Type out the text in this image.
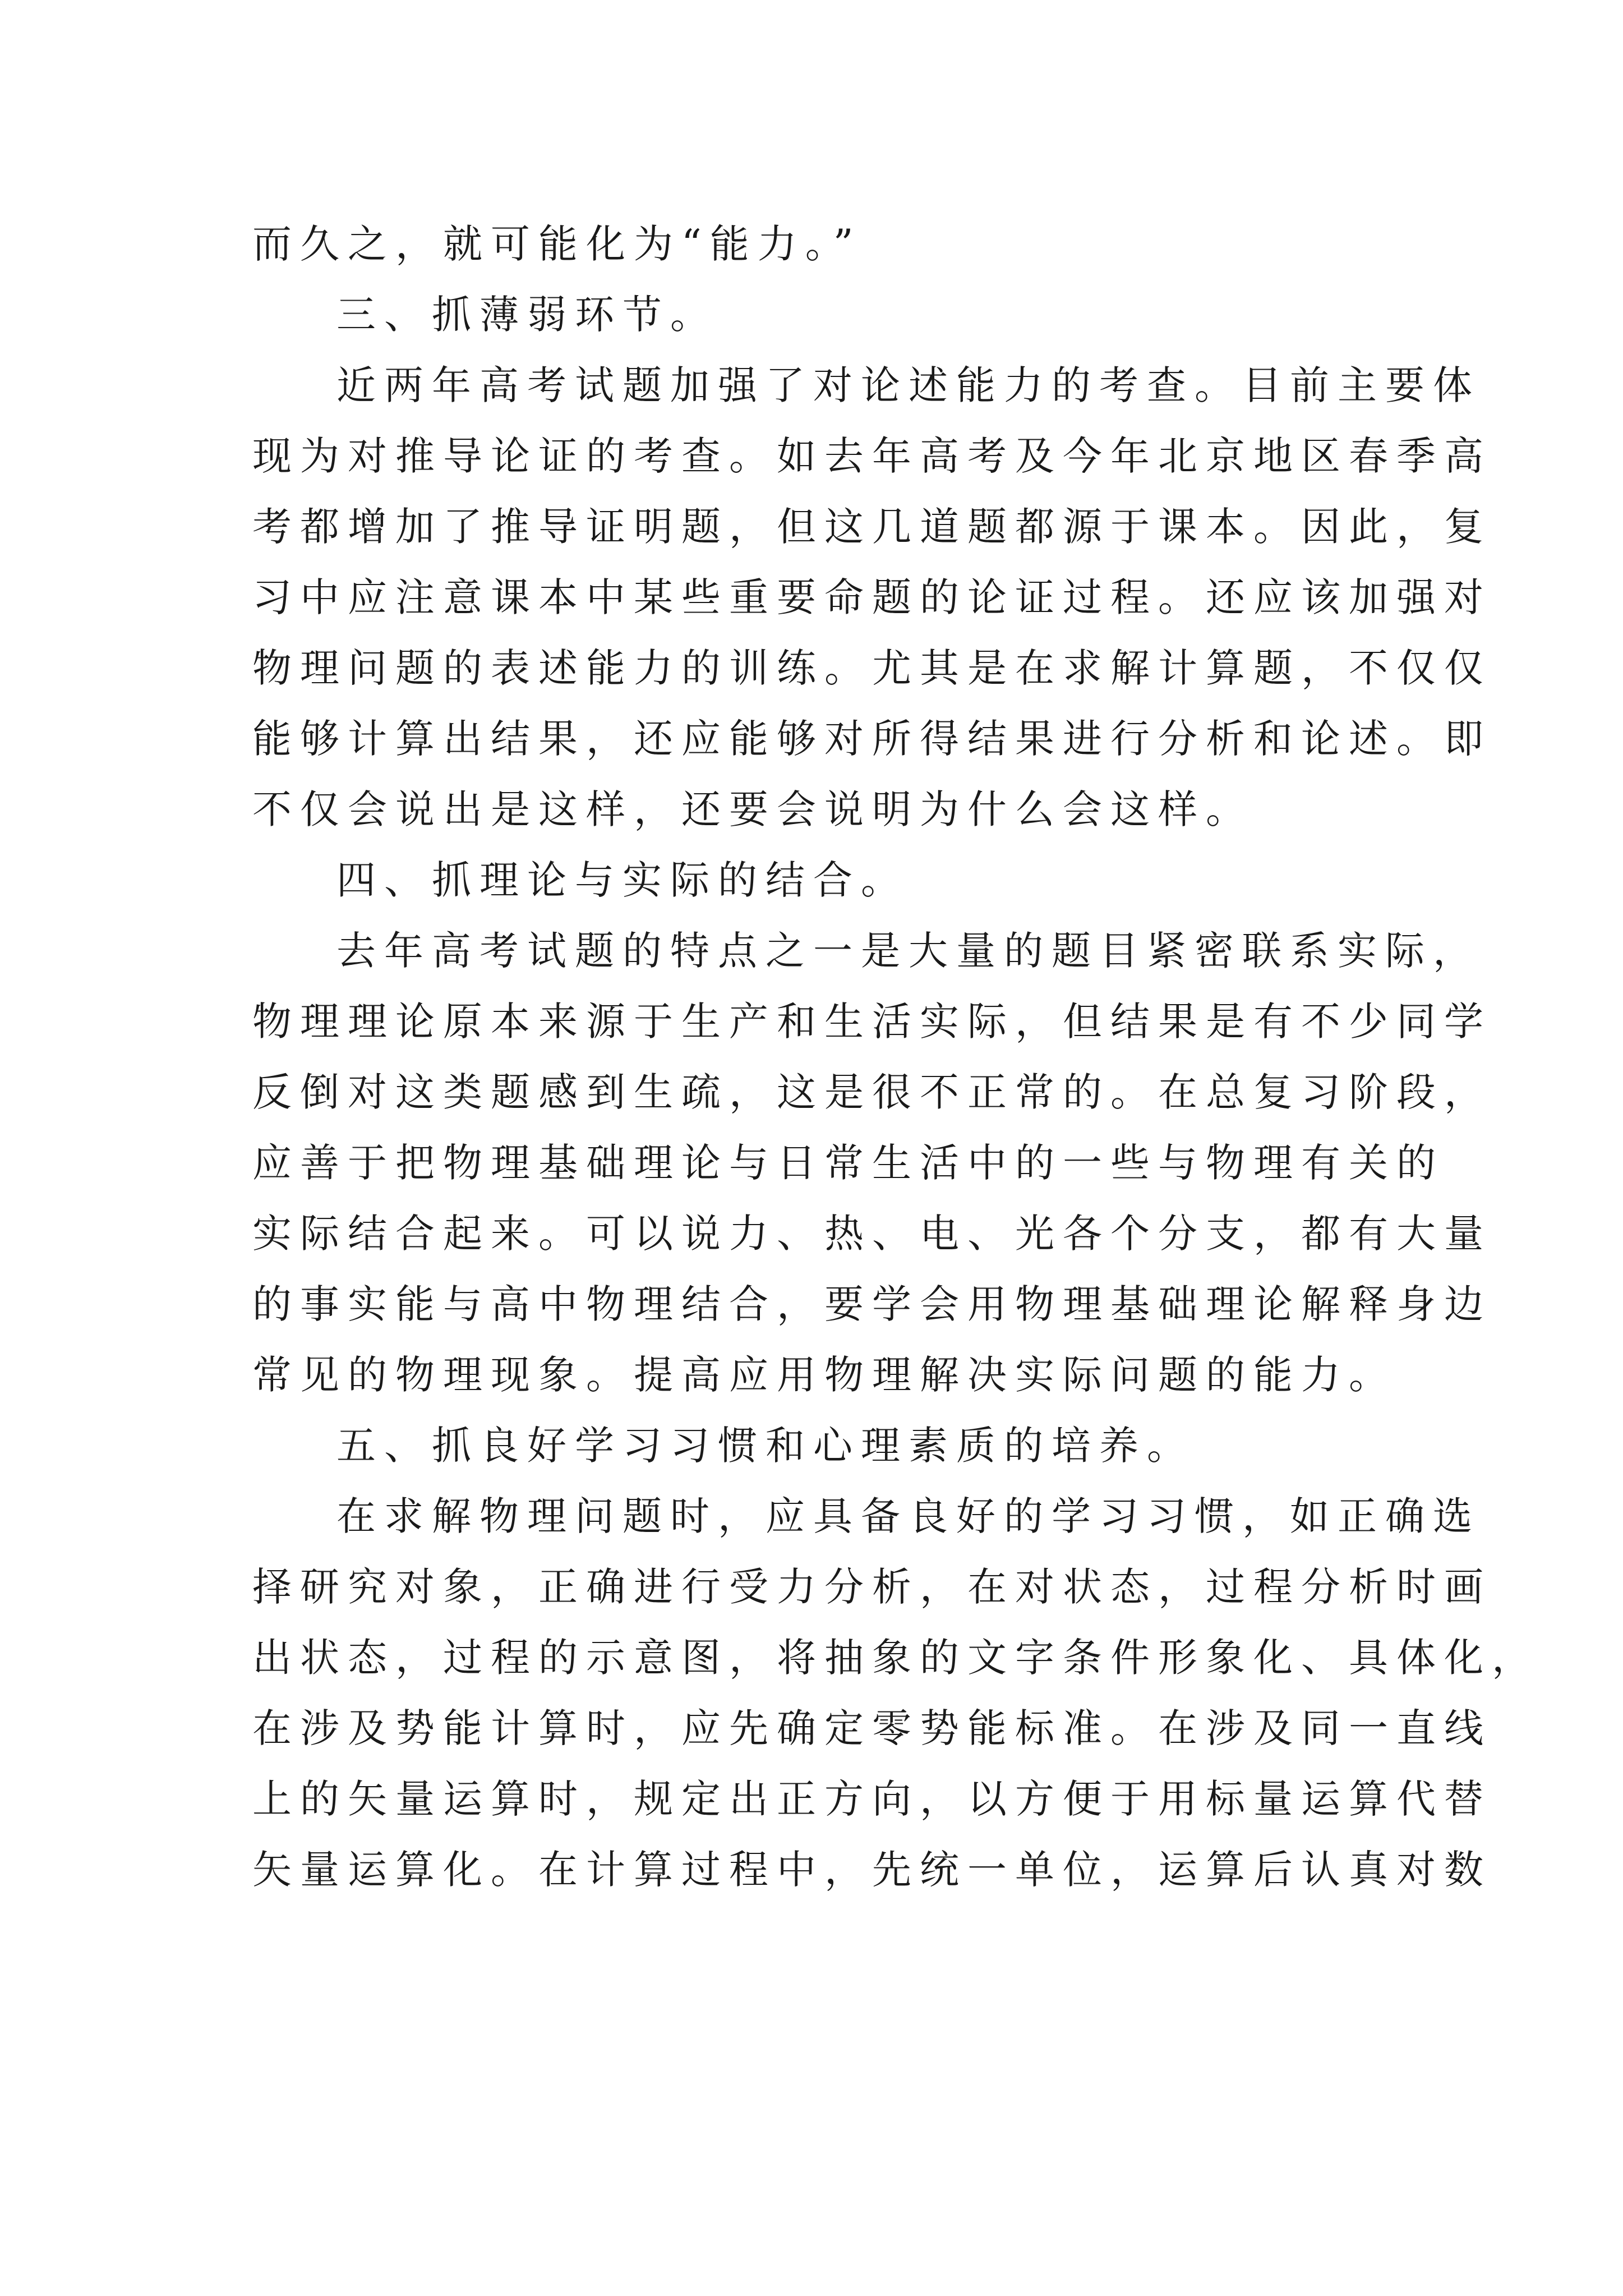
而久之，就可能化为“能力。”
三、抓薄弱环节。
近两年高考试题加强了对论述能力的考查。目前主要体
现为对推导论证的考查。如去年高考及今年北京地区春季高
考都增加了推导证明题，但这几道题都源于课本。因此，复
习中应注意课本中某些重要命题的论证过程。还应该加强对
物理问题的表述能力的训练。尤其是在求解计算题，不仅仅
能够计算出结果，还应能够对所得结果进行分析和论述。即
不仅会说出是这样，还要会说明为什么会这样。
四、抓理论与实际的结合。
去年高考试题的特点之一是大量的题目紧密联系实际，
物理理论原本来源于生产和生活实际，但结果是有不少同学
反倒对这类题感到生疏，这是很不正常的。在总复习阶段，
应善于把物理基础理论与日常生活中的一些与物理有关的
实际结合起来。可以说力、热、电、光各个分支，都有大量
的事实能与高中物理结合，要学会用物理基础理论解释身边
常见的物理现象。提高应用物理解决实际问题的能力。
五、抓良好学习习惯和心理素质的培养。
在求解物理问题时，应具备良好的学习习惯，如正确选
择研究对象，正确进行受力分析，在对状态，过程分析时画
出状态，过程的示意图，将抽象的文字条件形象化、具体化，
在涉及势能计算时，应先确定零势能标准。在涉及同一直线
上的矢量运算时，规定出正方向，以方便于用标量运算代替
矢量运算化。在计算过程中，先统一单位，运算后认真对数
